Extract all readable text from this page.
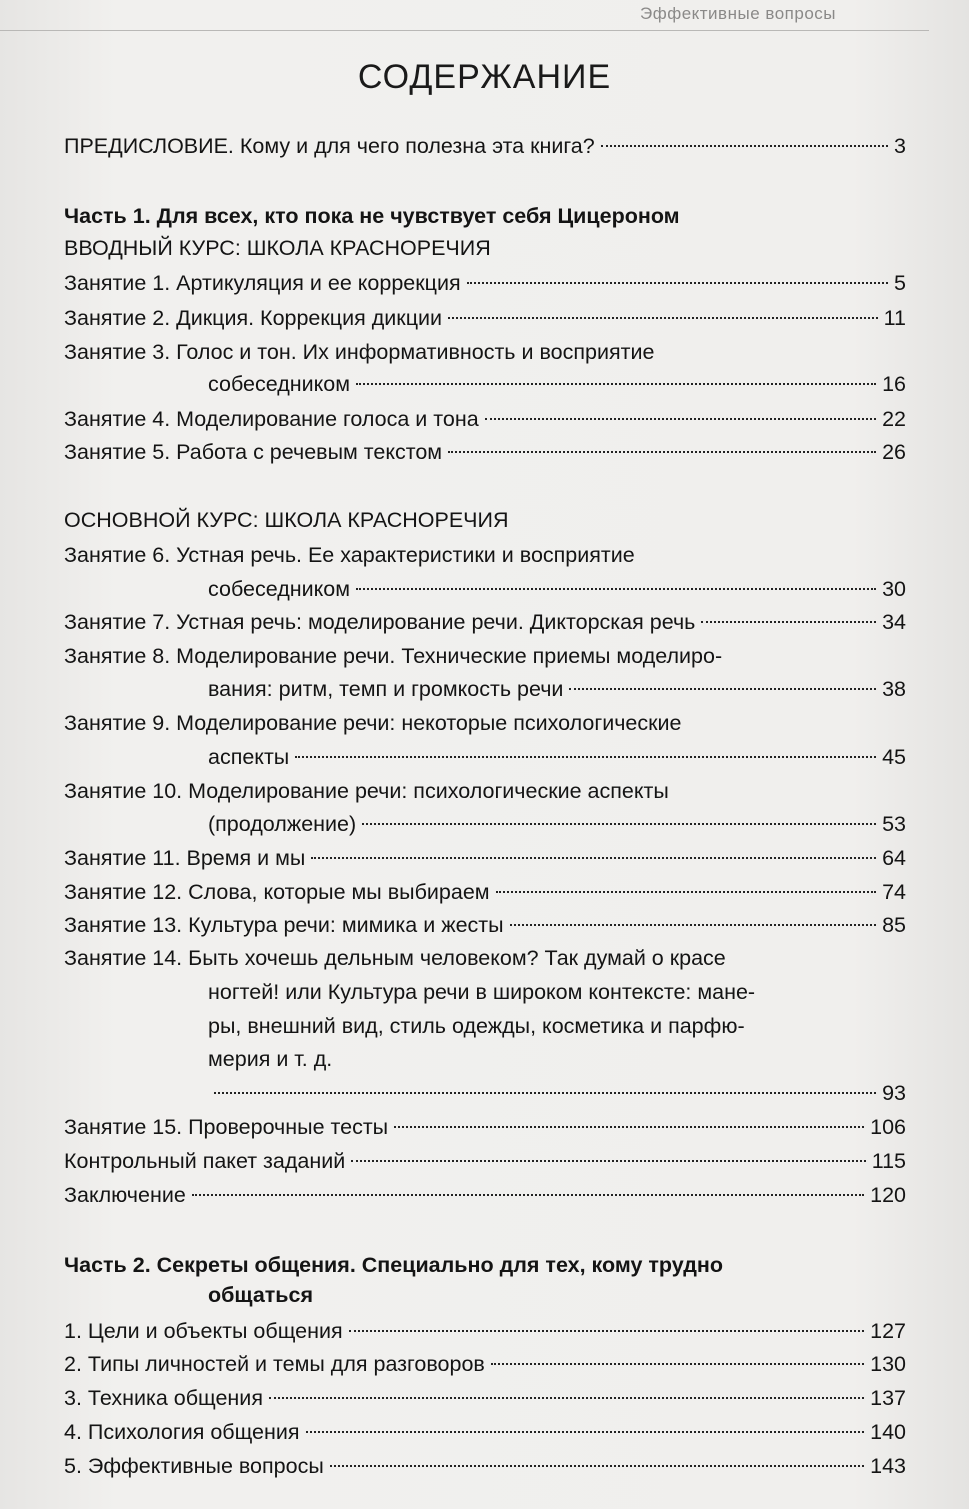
Эффективные вопросы
СОДЕРЖАНИЕ
ПРЕДИСЛОВИЕ. Кому и для чего полезна эта книга?	3
Часть 1. Для всех, кто пока не чувствует себя Цицероном
ВВОДНЫЙ КУРС: ШКОЛА КРАСНОРЕЧИЯ
Занятие 1. Артикуляция и ее коррекция	5
Занятие 2. Дикция. Коррекция дикции	11
Занятие 3. Голос и тон. Их информативность и восприятие
собеседником	16
Занятие 4. Моделирование голоса и тона	22
Занятие 5. Работа с речевым текстом	26
ОСНОВНОЙ КУРС: ШКОЛА КРАСНОРЕЧИЯ
Занятие 6. Устная речь. Ее характеристики и восприятие
собеседником	30
Занятие 7. Устная речь: моделирование речи. Дикторская речь	34
Занятие 8. Моделирование речи. Технические приемы моделиро-
вания: ритм, темп и громкость речи	38
Занятие 9. Моделирование речи: некоторые психологические
аспекты	45
Занятие 10. Моделирование речи: психологические аспекты
(продолжение)	53
Занятие 11. Время и мы	64
Занятие 12. Слова, которые мы выбираем	74
Занятие 13. Культура речи: мимика и жесты	85
Занятие 14. Быть хочешь дельным человеком? Так думай о красе
ногтей! или Культура речи в широком контексте: мане-
ры, внешний вид, стиль одежды, косметика и парфю-
мерия и т. д.
93
Занятие 15. Проверочные тесты	106
Контрольный пакет заданий	115
Заключение	120
Часть 2. Секреты общения. Специально для тех, кому трудно
общаться
1. Цели и объекты общения	127
2. Типы личностей и темы для разговоров	130
3. Техника общения	137
4. Психология общения	140
5. Эффективные вопросы	143
